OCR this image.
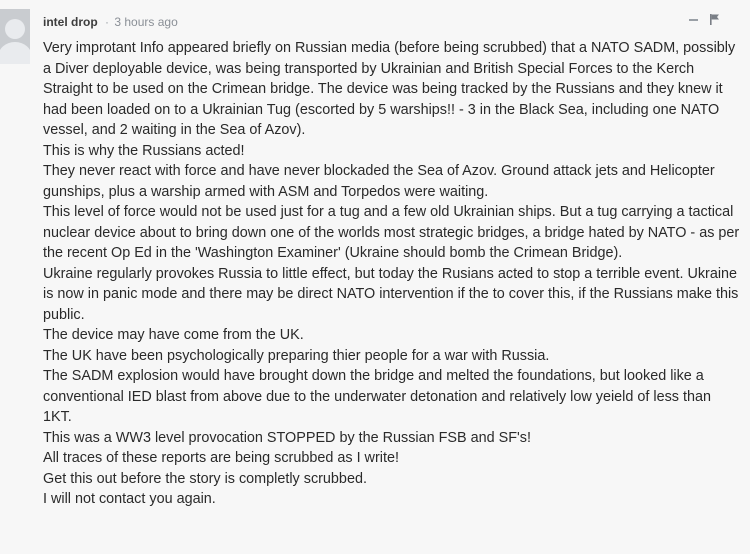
intel drop · 3 hours ago

Very improtant Info appeared briefly on Russian media (before being scrubbed) that a NATO SADM, possibly a Diver deployable device, was being transported by Ukrainian and British Special Forces to the Kerch Straight to be used on the Crimean bridge. The device was being tracked by the Russians and they knew it had been loaded on to a Ukrainian Tug (escorted by 5 warships!! - 3 in the Black Sea, including one NATO vessel, and 2 waiting in the Sea of Azov).

This is why the Russians acted!

They never react with force and have never blockaded the Sea of Azov. Ground attack jets and Helicopter gunships, plus a warship armed with ASM and Torpedos were waiting.

This level of force would not be used just for a tug and a few old Ukrainian ships. But a tug carrying a tactical nuclear device about to bring down one of the worlds most strategic bridges, a bridge hated by NATO - as per the recent Op Ed in the 'Washington Examiner' (Ukraine should bomb the Crimean Bridge).

Ukraine regularly provokes Russia to little effect, but today the Rusians acted to stop a terrible event. Ukraine is now in panic mode and there may be direct NATO intervention if the to cover this, if the Russians make this public.

The device may have come from the UK.

The UK have been psychologically preparing thier people for a war with Russia.

The SADM explosion would have brought down the bridge and melted the foundations, but looked like a conventional IED blast from above due to the underwater detonation and relatively low yeield of less than 1KT.

This was a WW3 level provocation STOPPED by the Russian FSB and SF's!

All traces of these reports are being scrubbed as I write!

Get this out before the story is completly scrubbed.

I will not contact you again.
